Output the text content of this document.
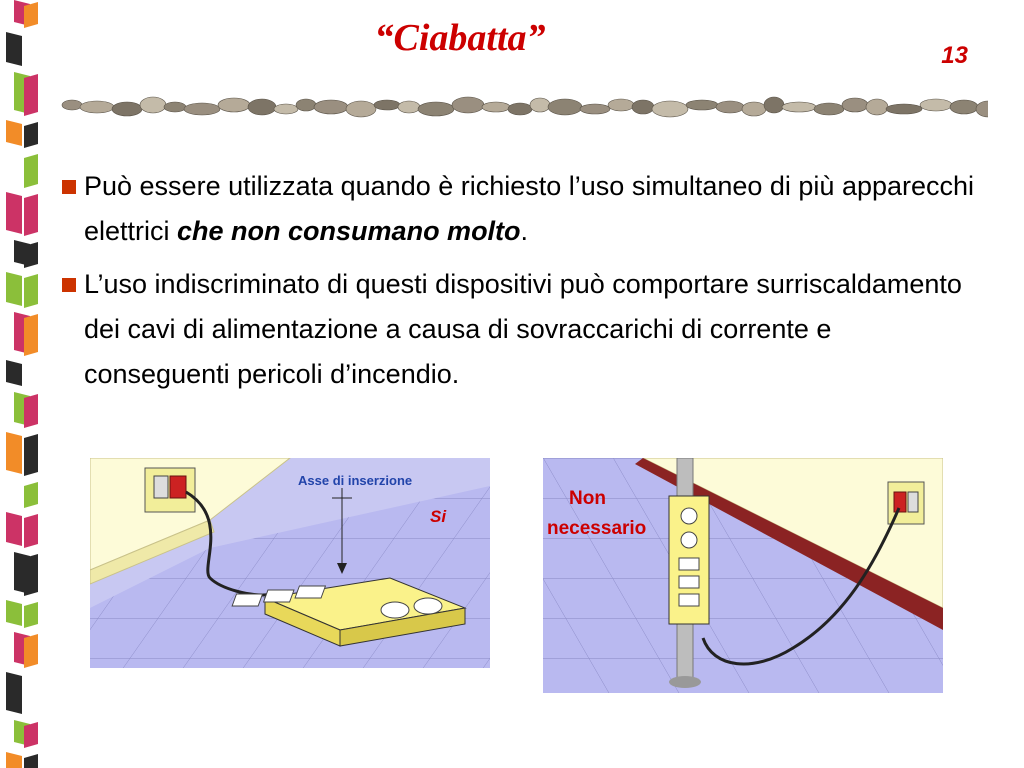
“Ciabatta”	13
Può essere utilizzata quando è richiesto l’uso simultaneo di più apparecchi elettrici che non consumano molto.
L’uso indiscriminato di questi dispositivi può comportare surriscaldamento dei cavi di alimentazione a causa di sovraccarichi di corrente e conseguenti pericoli d’incendio.
Asse di inserzione
Si
Non
necessario
